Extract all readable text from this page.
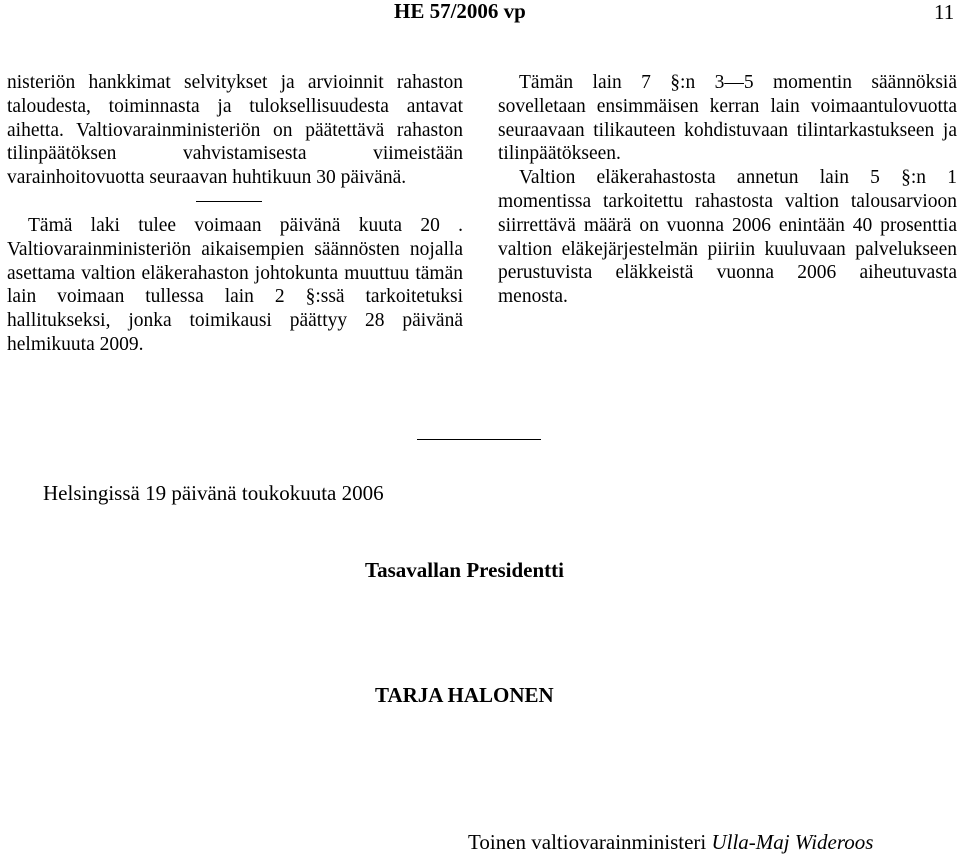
HE 57/2006 vp	11

nisteriön hankkimat selvitykset ja arvioinnit rahaston taloudesta, toiminnasta ja tuloksellisuudesta antavat aihetta. Valtiovarainministeriön on päätettävä rahaston tilinpäätöksen vahvistamisesta viimeistään varainhoitovuotta seuraavan huhtikuun 30 päivänä.

Tämä laki tulee voimaan päivänä kuuta 20 . Valtiovarainministeriön aikaisempien säännösten nojalla asettama valtion eläkerahaston johtokunta muuttuu tämän lain voimaan tullessa lain 2 §:ssä tarkoitetuksi hallitukseksi, jonka toimikausi päättyy 28 päivänä helmikuuta 2009.

Tämän lain 7 §:n 3—5 momentin säännöksiä sovelletaan ensimmäisen kerran lain voimaantulovuotta seuraavaan tilikauteen kohdistuvaan tilintarkastukseen ja tilinpäätökseen.

Valtion eläkerahastosta annetun lain 5 §:n 1 momentissa tarkoitettu rahastosta valtion talousarvioon siirrettävä määrä on vuonna 2006 enintään 40 prosenttia valtion eläkejärjestelmän piiriin kuuluvaan palvelukseen perustuvista eläkkeistä vuonna 2006 aiheutuvasta menosta.

Helsingissä 19 päivänä toukokuuta 2006
Tasavallan Presidentti
TARJA HALONEN
Toinen valtiovarainministeri Ulla-Maj Wideroos
